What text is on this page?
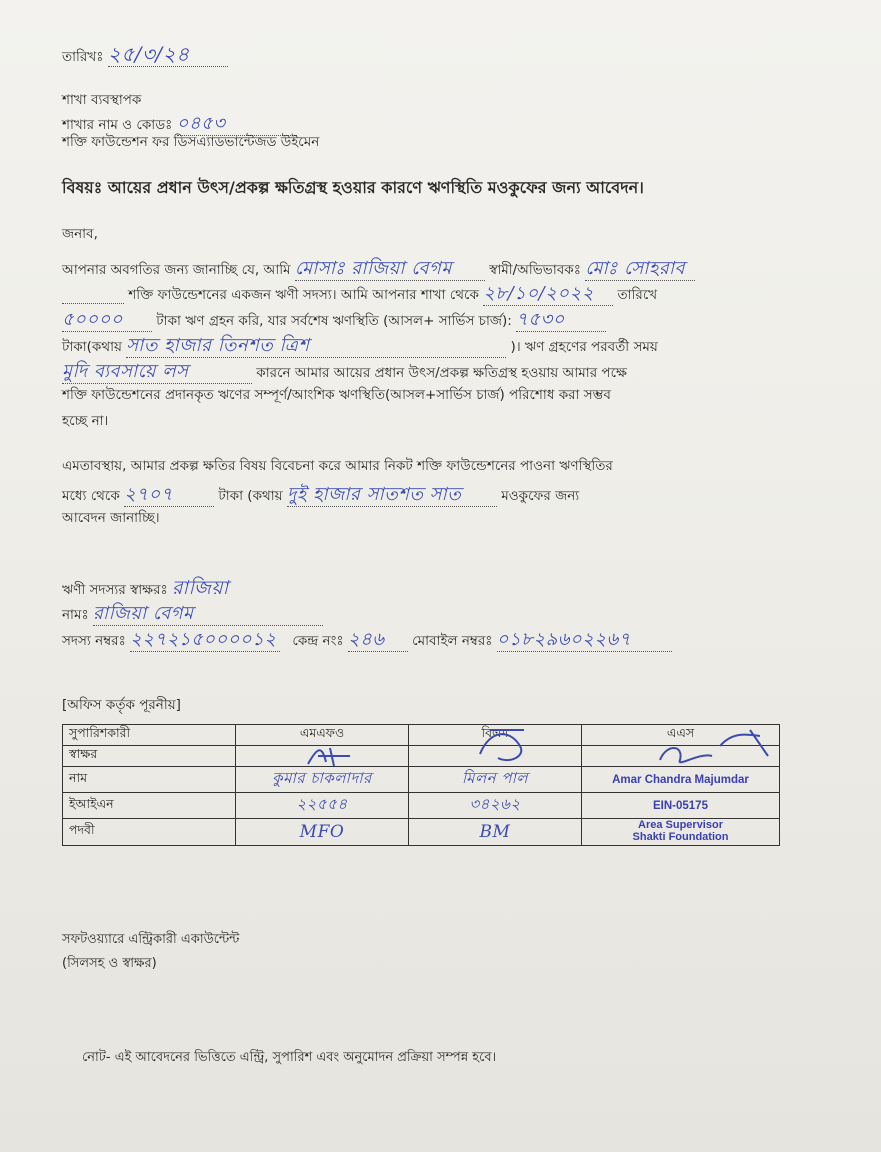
তারিখঃ ২৫/৩/২৪
শাখা ব্যবস্থাপক
শাখার নাম ও কোডঃ ০৪৫৩
শক্তি ফাউন্ডেশন ফর ডিসএ্যাডভান্টেজড উইমেন
বিষয়ঃ আয়ের প্রধান উৎস/প্রকল্প ক্ষতিগ্রস্থ হওয়ার কারণে ঋণস্থিতি মওকুফের জন্য আবেদন।
জনাব,
আপনার অবগতির জন্য জানাচ্ছি যে, আমি মোসাঃ রাজিয়া বেগম	স্বামী/অভিভাবকঃ মোঃ সোহরাব
শক্তি ফাউন্ডেশনের একজন ঋণী সদস্য। আমি আপনার শাখা থেকে ২৮/১০/২০২২ তারিখে
৫০০০০ টাকা ঋণ গ্রহন করি, যার সর্বশেষ ঋণস্থিতি (আসল+ সার্ভিস চার্জ): ৭৫৩০
টাকা(কথায় সাত হাজার তিনশত ত্রিশ	)। ঋণ গ্রহণের পরবর্তী সময়
মুদি ব্যবসায়ে লস	কারনে আমার আয়ের প্রধান উৎস/প্রকল্প ক্ষতিগ্রস্থ হওয়ায় আমার পক্ষে
শক্তি ফাউন্ডেশনের প্রদানকৃত ঋণের সম্পূর্ণ/আংশিক ঋণস্থিতি(আসল+সার্ভিস চার্জ) পরিশোধ করা সম্ভব
হচ্ছে না।
এমতাবস্থায়, আমার প্রকল্প ক্ষতির বিষয় বিবেচনা করে আমার নিকট শক্তি ফাউন্ডেশনের পাওনা ঋণস্থিতির
মধ্যে থেকে ২৭০৭	টাকা (কথায় দুই হাজার সাতশত সাত	মওকুফের জন্য
আবেদন জানাচ্ছি।
ঋণী সদস্যর স্বাক্ষরঃ রাজিয়া
নামঃ রাজিয়া বেগম
সদস্য নম্বরঃ ২২৭২১৫০০০০১২ কেন্দ্র নংঃ ২৪৬ মোবাইল নম্বরঃ ০১৮২৯৬০২২৬৭
[অফিস কর্তৃক পূরনীয়]
সুপারিশকারী	এমএফও	বিএম	এএস
স্বাক্ষর			
নাম	কুমার চাকলাদার	মিলন পাল	Amar Chandra Majumdar
ইআইএন	২২৫৫৪	৩৪২৬২	EIN-05175
পদবী	MFO	BM	Area Supervisor
Shakti Foundation
সফটওয়্যারে এন্ট্রিকারী একাউন্টেন্ট
(সিলসহ ও স্বাক্ষর)
নোট- এই আবেদনের ভিত্তিতে এন্ট্রি, সুপারিশ এবং অনুমোদন প্রক্রিয়া সম্পন্ন হবে।
